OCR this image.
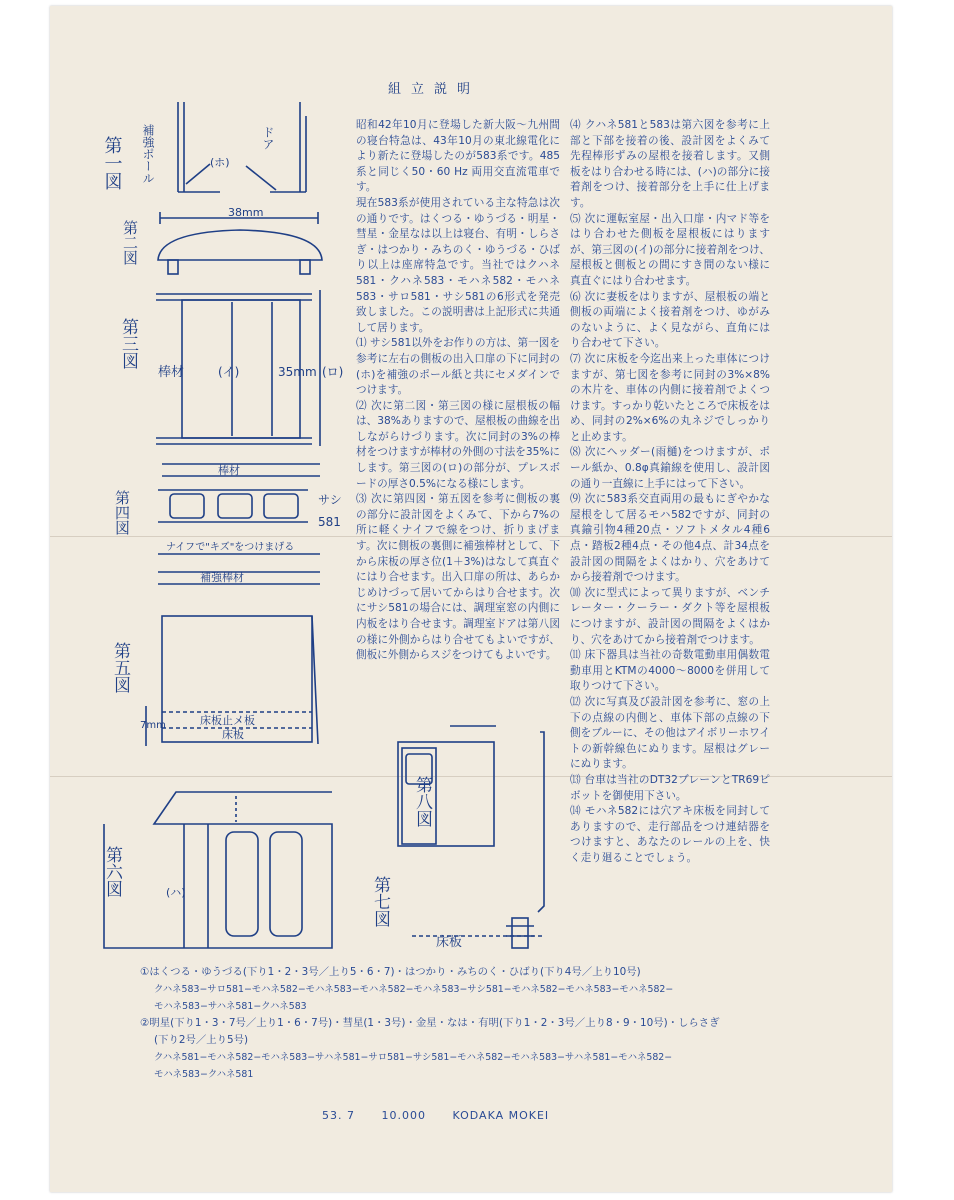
組立説明
第一図
第二図
第三図
第四図
第五図
第六図
第七図
第八図
補強ポール	ドア
(ホ)
38mm
棒材	(イ)	35mm (ロ)
棒材
サシ
581
ナイフで"キズ"をつけまげる
補強棒材
7mm	床板止メ板
床板
(ハ)
床板

昭和42年10月に登場した新大阪〜九州間の寝台特急は、43年10月の東北線電化により新たに登場したのが583系です。485系と同じく50・60 Hz 両用交直流電車です。

現在583系が使用されている主な特急は次の通りです。はくつる・ゆうづる・明星・彗星・金星なは以上は寝台、有明・しらさぎ・はつかり・みちのく・ゆうづる・ひばり以上は座席特急です。当社ではクハネ581・クハネ583・モハネ582・モハネ583・サロ581・サシ581の6形式を発売致しました。この説明書は上記形式に共通して居ります。

⑴ サシ581以外をお作りの方は、第一図を参考に左右の側板の出入口扉の下に同封の(ホ)を補強のポール紙と共にセメダインでつけます。

⑵ 次に第二図・第三図の様に屋根板の幅は、38%ありますので、屋根板の曲線を出しながらけづります。次に同封の3%の棒材をつけますが棒材の外側の寸法を35%にします。第三図の(ロ)の部分が、プレスボードの厚さ0.5%になる様にします。

⑶ 次に第四図・第五図を参考に側板の裏の部分に設計図をよくみて、下から7%の所に軽くナイフで線をつけ、折りまげます。次に側板の裏側に補強棒材として、下から床板の厚さ位(1＋3%)はなして真直ぐにはり合せます。出入口扉の所は、あらかじめけづって居いてからはり合せます。次にサシ581の場合には、調理室窓の内側に内板をはり合せます。調理室ドアは第八図の様に外側からはり合せてもよいですが、側板に外側からスジをつけてもよいです。

⑷ クハネ581と583は第六図を参考に上部と下部を接着の後、設計図をよくみて先程棒形ずみの屋根を接着します。又側板をはり合わせる時には、(ハ)の部分に接着剤をつけ、接着部分を上手に仕上げます。

⑸ 次に運転室屋・出入口扉・内マド等をはり合わせた側板を屋根板にはりますが、第三図の(イ)の部分に接着剤をつけ、屋根板と側板との間にすき間のない様に真直ぐにはり合わせます。

⑹ 次に妻板をはりますが、屋根板の端と側板の両端によく接着剤をつけ、ゆがみのないように、よく見ながら、直角にはり合わせて下さい。

⑺ 次に床板を今迄出来上った車体につけますが、第七図を参考に同封の3%×8%の木片を、車体の内側に接着剤でよくつけます。すっかり乾いたところで床板をはめ、同封の2%×6%の丸ネジでしっかりと止めます。

⑻ 次にヘッダー(雨樋)をつけますが、ポール紙か、0.8φ真鍮線を使用し、設計図の通り一直線に上手にはって下さい。

⑼ 次に583系交直両用の最もにぎやかな屋根をして居るモハ582ですが、同封の真鍮引物4種20点・ソフトメタル4種6点・踏板2種4点・その他4点、計34点を設計図の間隔をよくはかり、穴をあけてから接着剤でつけます。

⑽ 次に型式によって異りますが、ベンチレーター・クーラー・ダクト等を屋根板につけますが、設計図の間隔をよくはかり、穴をあけてから接着剤でつけます。

⑾ 床下器具は当社の奇数電動車用偶数電動車用とKTMの4000〜8000を併用して取りつけて下さい。

⑿ 次に写真及び設計図を参考に、窓の上下の点線の内側と、車体下部の点線の下側をブルーに、その他はアイボリーホワイトの新幹線色にぬります。屋根はグレーにぬります。

⒀ 台車は当社のDT32ブレーンとTR69ピボットを御使用下さい。

⒁ モハネ582には穴アキ床板を同封してありますので、走行部品をつけ連結器をつけますと、あなたのレールの上を、快く走り廻ることでしょう。

①はくつる・ゆうづる(下り1・2・3号／上り5・6・7)・はつかり・みちのく・ひばり(下り4号／上り10号)

クハネ583−サロ581−モハネ582−モハネ583−モハネ582−モハネ583−サシ581−モハネ582−モハネ583−モハネ582−

モハネ583−サハネ581−クハネ583

②明星(下り1・3・7号／上り1・6・7号)・彗星(1・3号)・金星・なは・有明(下り1・2・3号／上り8・9・10号)・しらさぎ

(下り2号／上り5号)

クハネ581−モハネ582−モハネ583−サハネ581−サロ581−サシ581−モハネ582−モハネ583−サハネ581−モハネ582−

モハネ583−クハネ581

53. 7 10.000 KODAKA MOKEI
